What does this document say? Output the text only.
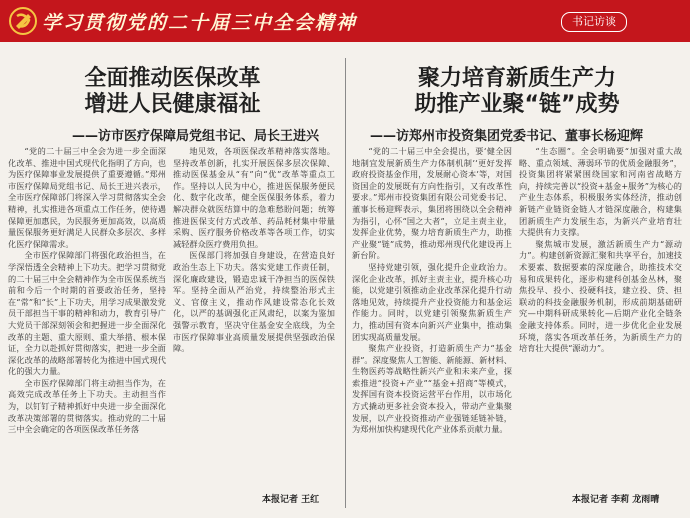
学习贯彻党的二十届三中全会精神	书记访谈
全面推动医保改革
增进人民健康福祉
——访市医疗保障局党组书记、局长王进兴

“党的二十届三中全会为进一步全面深化改革、推进中国式现代化指明了方向，也为医疗保障事业发展提供了重要遵循。”郑州市医疗保障局党组书记、局长王进兴表示，全市医疗保障部门将深入学习贯彻落实全会精神，扎实推进各项重点工作任务，使待遇保障更加惠民，为民服务更加高效，以高质量医保服务更好满足人民群众多层次、多样化医疗保障需求。

全市医疗保障部门将强化政治担当，在学深悟透全会精神上下功夫。把学习贯彻党的二十届三中全会精神作为全市医保系统当前和今后一个时期的首要政治任务，坚持在“常”和“长”上下功夫，用学习成果激发党员干部担当干事的精神和动力，教育引导广大党员干部深刻领会和把握进一步全面深化改革的主题、重大原则、重大举措、根本保证，全力以赴抓好贯彻落实，把进一步全面深化改革的战略部署转化为推进中国式现代化的强大力量。

全市医疗保障部门将主动担当作为，在高效完成改革任务上下功夫。主动担当作为，以钉钉子精神抓好中央进一步全面深化改革决策部署的贯彻落实。推动党的二十届三中全会确定的各项医保改革任务落

地见效，各项医保改革精神落实落地。坚持改革创新，扎实开展医保多层次保障、推动医保基金从“有”向“优”改革等重点工作。坚持以人民为中心，推进医保服务便民化、数字化改革，健全医保服务体系，着力解决群众就医结算中的急难愁盼问题；统筹推进医保支付方式改革、药品耗材集中带量采购、医疗服务价格改革等各项工作，切实减轻群众医疗费用负担。

医保部门将加强自身建设，在营造良好政治生态上下功夫。落实党建工作责任制，深化廉政建设，锻造忠诚干净担当的医保铁军。坚持全面从严治党，持续整治形式主义、官僚主义，推动作风建设常态化长效化，以严的基调强化正风肃纪，以案为鉴加强警示教育，坚决守住基金安全底线，为全市医疗保障事业高质量发展提供坚强政治保障。

本报记者 王红
聚力培育新质生产力
助推产业聚“链”成势
——访郑州市投资集团党委书记、董事长杨迎辉

“党的二十届三中全会提出，要‘健全因地制宜发展新质生产力体制机制’‘更好发挥政府投资基金作用，发展耐心资本’等，对国资国企的发展既有方向性指引，又有改革性要求。”郑州市投资集团有限公司党委书记、董事长杨迎辉表示，集团将围绕以全会精神为指引，心怀“国之大者”，立足主责主业，发挥企业优势，聚力培育新质生产力，助推产业聚“链”成势，推动郑州现代化建设再上新台阶。

坚持党建引领，强化提升企业政治力。深化企业改革，抓好主责主业，提升核心功能，以党建引领推动企业改革深化提升行动落地见效，持续提升产业投资能力和基金运作能力。同时，以党建引领聚焦新质生产力，推动国有资本向新兴产业集中，推动集团实现高质量发展。

聚焦产业投资，打造新质生产力“基金群”。深度聚焦人工智能、新能源、新材料、生物医药等战略性新兴产业和未来产业，探索推进“投资+产业”“基金+招商”等模式，发挥国有资本投资运营平台作用，以市场化方式撬动更多社会资本投入，带动产业集聚发展，以产业投资推动产业强链延链补链，为郑州加快构建现代化产业体系贡献力量。

“生态圈”。全会明确要“加强对重大战略、重点领域、薄弱环节的优质金融服务”，投资集团将紧紧围绕国家和河南省战略方向，持续完善以“投资+基金+服务”为核心的产业生态体系，积极服务实体经济，推动创新链产业链资金链人才链深度融合，构建集团新质生产力发展生态，为新兴产业培育壮大提供有力支撑。

聚焦城市发展，激活新质生产力“源动力”。构建创新资源汇聚和共享平台，加速技术要素、数据要素的深度融合，助推技术交易和成果转化，逐步构建科创基金丛林，聚焦投早、投小、投硬科技，建立投、贷、担联动的科技金融服务机制，形成前期基础研究—中期科研成果转化—后期产业化全链条金融支持体系。同时，进一步优化企业发展环境，落实各项改革任务，为新质生产力的培育壮大提供“源动力”。

本报记者 李莉 龙雨晴
